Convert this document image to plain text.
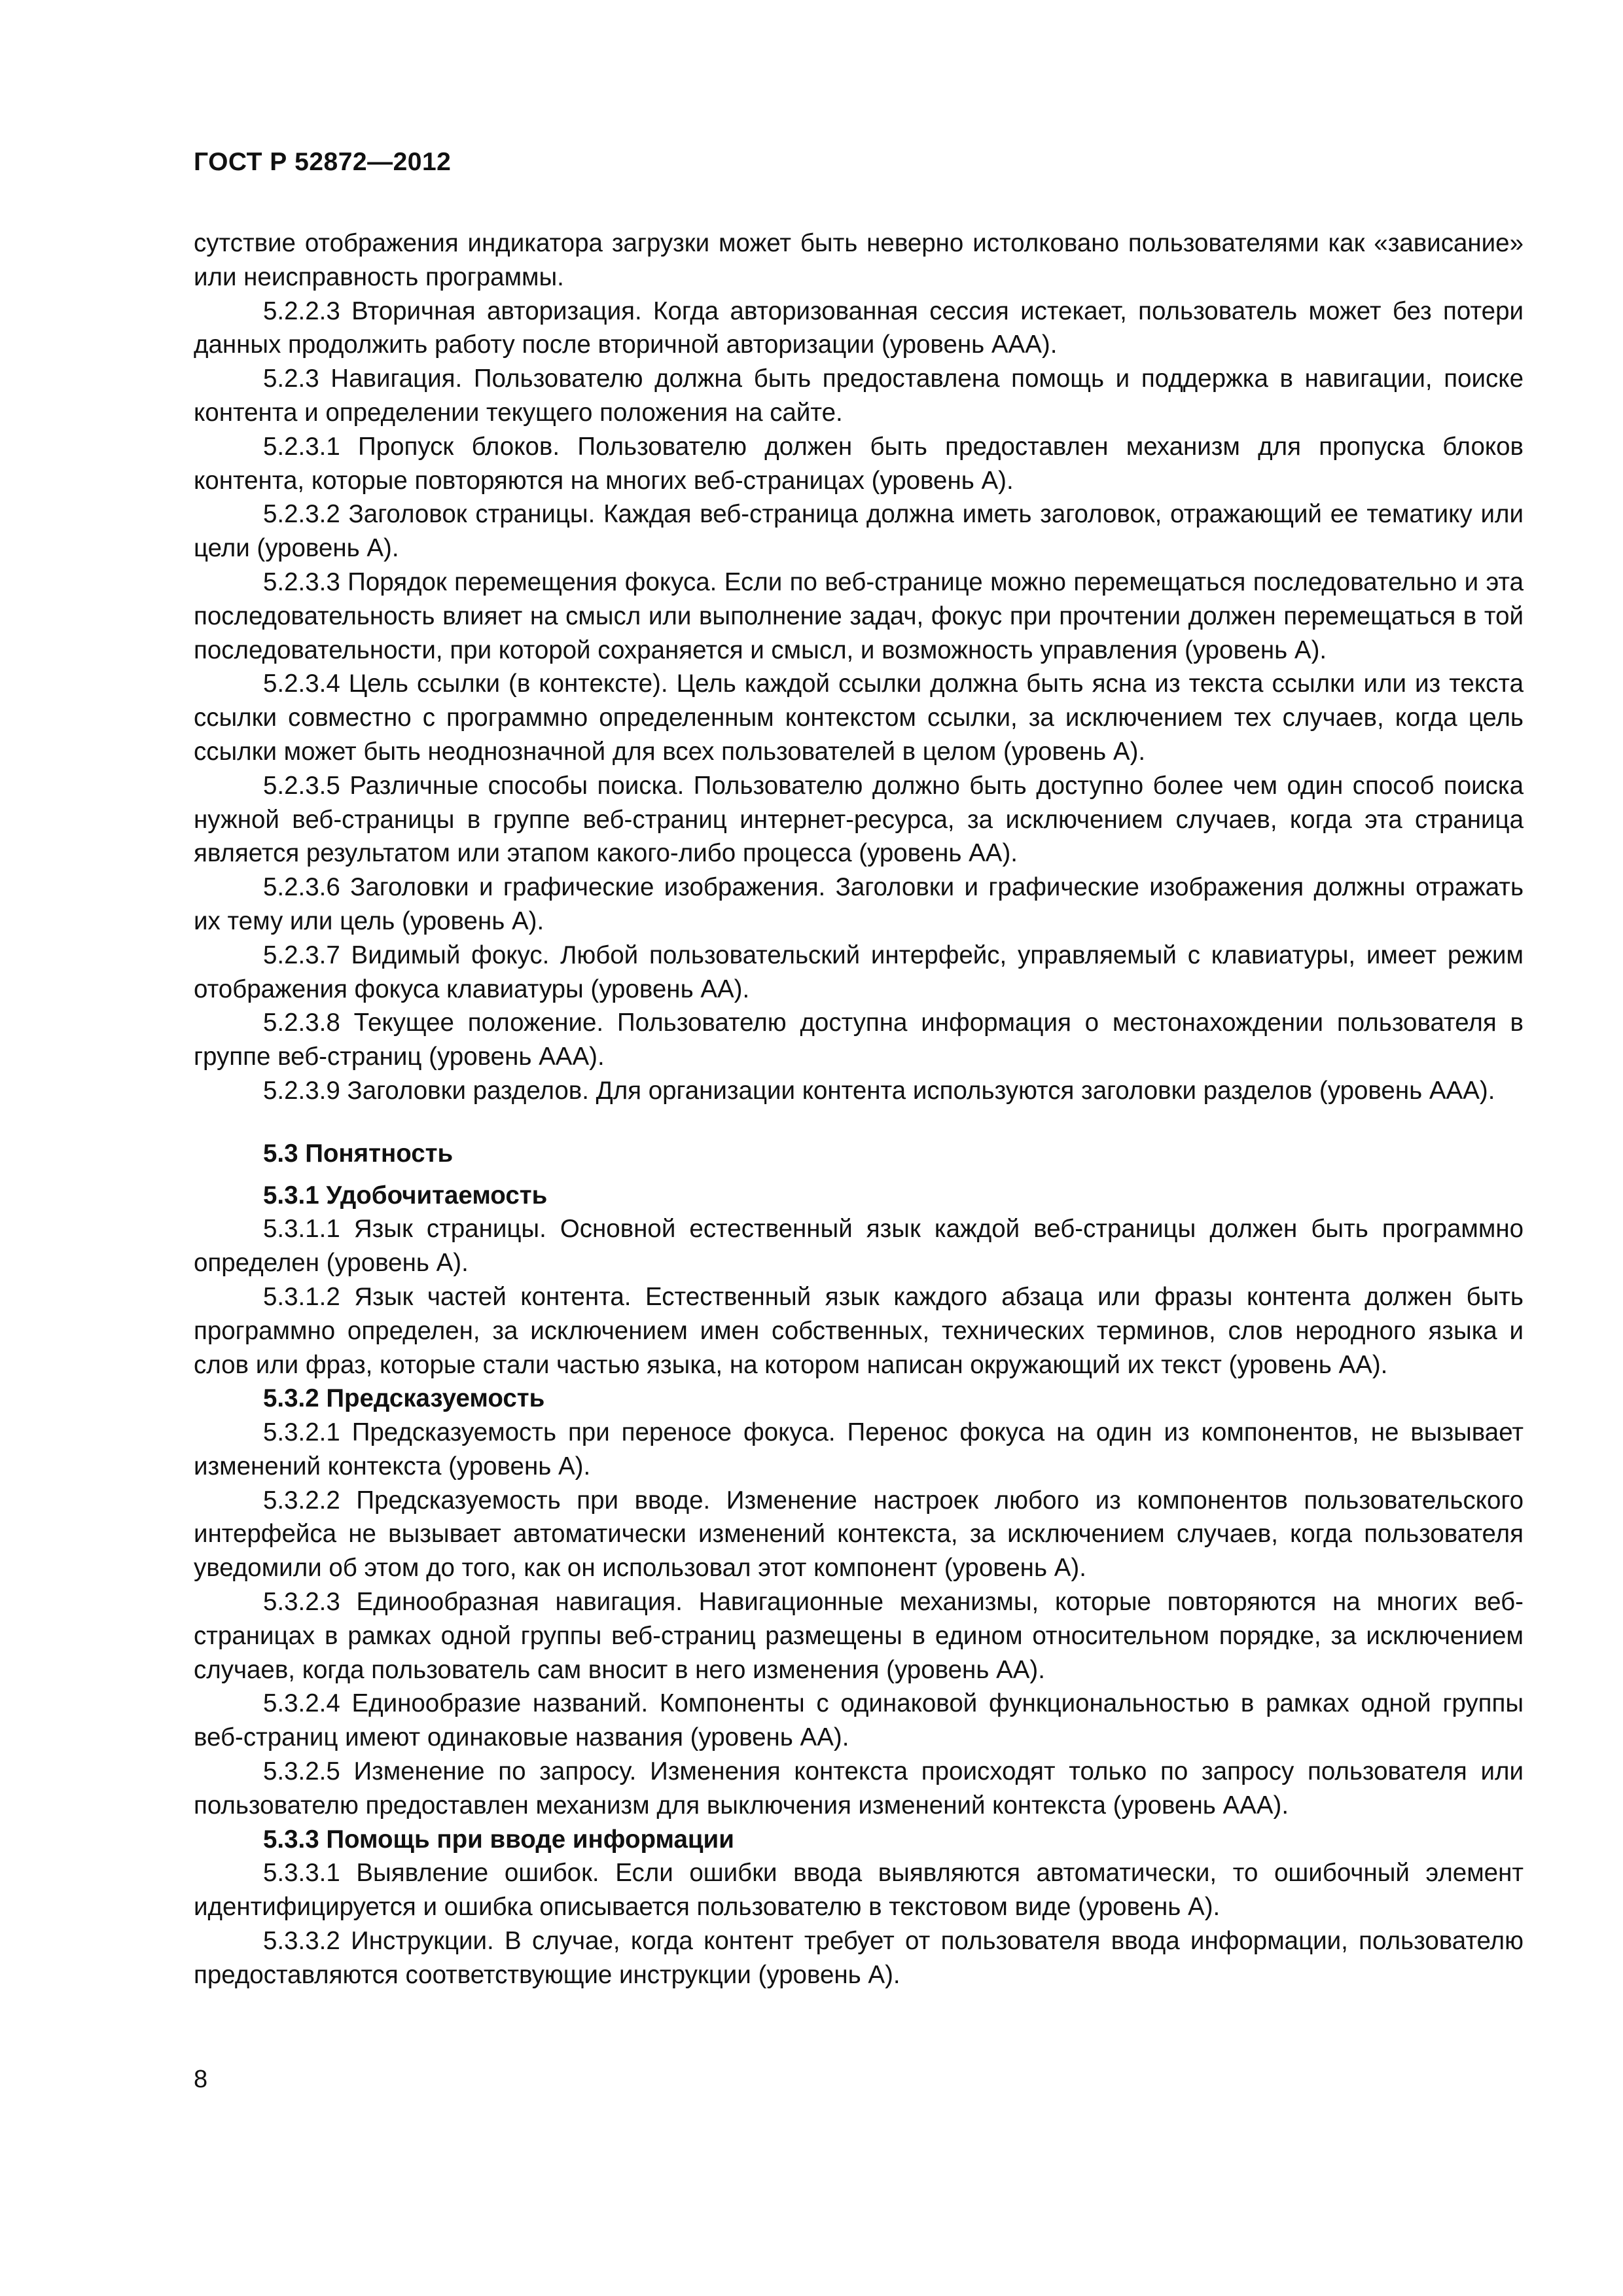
ГОСТ Р 52872—2012

сутствие отображения индикатора загрузки может быть неверно истолковано пользователями как «зависание» или неисправность программы.

5.2.2.3 Вторичная авторизация. Когда авторизованная сессия истекает, пользователь может без потери данных продолжить работу после вторичной авторизации (уровень ААА).

5.2.3 Навигация. Пользователю должна быть предоставлена помощь и поддержка в навигации, поиске контента и определении текущего положения на сайте.

5.2.3.1 Пропуск блоков. Пользователю должен быть предоставлен механизм для пропуска блоков контента, которые повторяются на многих веб-страницах (уровень А).

5.2.3.2 Заголовок страницы. Каждая веб-страница должна иметь заголовок, отражающий ее тематику или цели (уровень А).

5.2.3.3 Порядок перемещения фокуса. Если по веб-странице можно перемещаться последовательно и эта последовательность влияет на смысл или выполнение задач, фокус при прочтении должен перемещаться в той последовательности, при которой сохраняется и смысл, и возможность управления (уровень А).

5.2.3.4 Цель ссылки (в контексте). Цель каждой ссылки должна быть ясна из текста ссылки или из текста ссылки совместно с программно определенным контекстом ссылки, за исключением тех случаев, когда цель ссылки может быть неоднозначной для всех пользователей в целом (уровень А).

5.2.3.5 Различные способы поиска. Пользователю должно быть доступно более чем один способ поиска нужной веб-страницы в группе веб-страниц интернет-ресурса, за исключением случаев, когда эта страница является результатом или этапом какого-либо процесса (уровень АА).

5.2.3.6 Заголовки и графические изображения. Заголовки и графические изображения должны отражать их тему или цель (уровень А).

5.2.3.7 Видимый фокус. Любой пользовательский интерфейс, управляемый с клавиатуры, имеет режим отображения фокуса клавиатуры (уровень АА).

5.2.3.8 Текущее положение. Пользователю доступна информация о местонахождении пользователя в группе веб-страниц (уровень ААА).

5.2.3.9 Заголовки разделов. Для организации контента используются заголовки разделов (уровень ААА).

5.3 Понятность
5.3.1 Удобочитаемость

5.3.1.1 Язык страницы. Основной естественный язык каждой веб-страницы должен быть программно определен (уровень А).

5.3.1.2 Язык частей контента. Естественный язык каждого абзаца или фразы контента должен быть программно определен, за исключением имен собственных, технических терминов, слов неродного языка и слов или фраз, которые стали частью языка, на котором написан окружающий их текст (уровень АА).

5.3.2 Предсказуемость

5.3.2.1 Предсказуемость при переносе фокуса. Перенос фокуса на один из компонентов, не вызывает изменений контекста (уровень А).

5.3.2.2 Предсказуемость при вводе. Изменение настроек любого из компонентов пользовательского интерфейса не вызывает автоматически изменений контекста, за исключением случаев, когда пользователя уведомили об этом до того, как он использовал этот компонент (уровень А).

5.3.2.3 Единообразная навигация. Навигационные механизмы, которые повторяются на многих веб-страницах в рамках одной группы веб-страниц размещены в едином относительном порядке, за исключением случаев, когда пользователь сам вносит в него изменения (уровень АА).

5.3.2.4 Единообразие названий. Компоненты с одинаковой функциональностью в рамках одной группы веб-страниц имеют одинаковые названия (уровень АА).

5.3.2.5 Изменение по запросу. Изменения контекста происходят только по запросу пользователя или пользователю предоставлен механизм для выключения изменений контекста (уровень ААА).

5.3.3 Помощь при вводе информации

5.3.3.1 Выявление ошибок. Если ошибки ввода выявляются автоматически, то ошибочный элемент идентифицируется и ошибка описывается пользователю в текстовом виде (уровень А).

5.3.3.2 Инструкции. В случае, когда контент требует от пользователя ввода информации, пользователю предоставляются соответствующие инструкции (уровень А).

8
